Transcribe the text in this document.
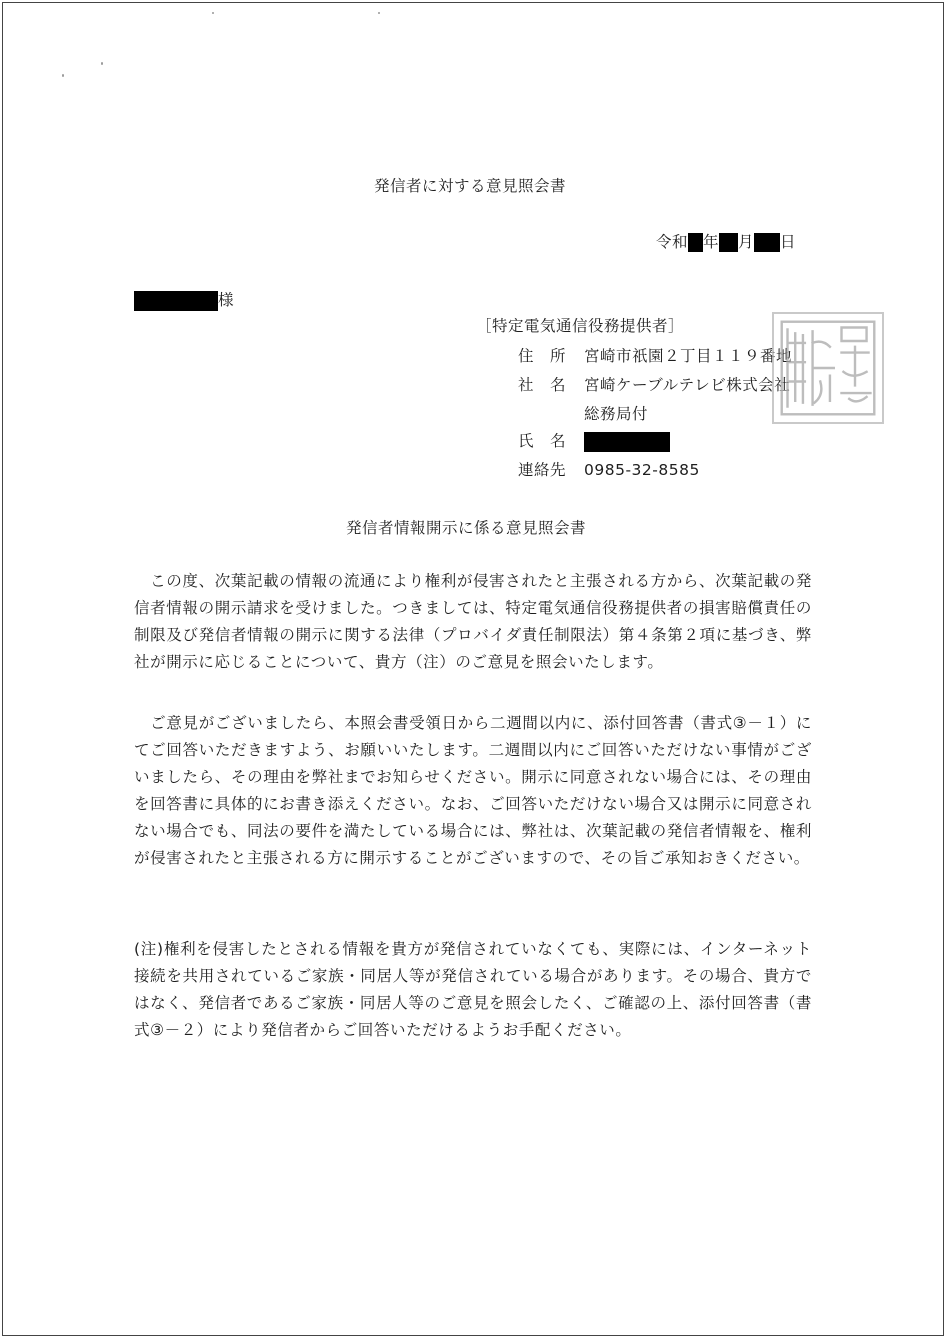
発信者に対する意見照会書
令和 年 月 日
様
［特定電気通信役務提供者］
住　所 宮崎市祇園２丁目１１９番地
社　名 宮崎ケーブルテレビ株式会社
総務局付
氏　名
連絡先 0985-32-8585
発信者情報開示に係る意見照会書

　この度、次葉記載の情報の流通により権利が侵害されたと主張される方から、次葉記載の発信者情報の開示請求を受けました。つきましては、特定電気通信役務提供者の損害賠償責任の制限及び発信者情報の開示に関する法律（プロバイダ責任制限法）第４条第２項に基づき、弊社が開示に応じることについて、貴方（注）のご意見を照会いたします。

　ご意見がございましたら、本照会書受領日から二週間以内に、添付回答書（書式③－１）にてご回答いただきますよう、お願いいたします。二週間以内にご回答いただけない事情がございましたら、その理由を弊社までお知らせください。開示に同意されない場合には、その理由を回答書に具体的にお書き添えください。なお、ご回答いただけない場合又は開示に同意されない場合でも、同法の要件を満たしている場合には、弊社は、次葉記載の発信者情報を、権利が侵害されたと主張される方に開示することがございますので、その旨ご承知おきください。

(注)権利を侵害したとされる情報を貴方が発信されていなくても、実際には、インターネット接続を共用されているご家族・同居人等が発信されている場合があります。その場合、貴方ではなく、発信者であるご家族・同居人等のご意見を照会したく、ご確認の上、添付回答書（書式③－２）により発信者からご回答いただけるようお手配ください。
